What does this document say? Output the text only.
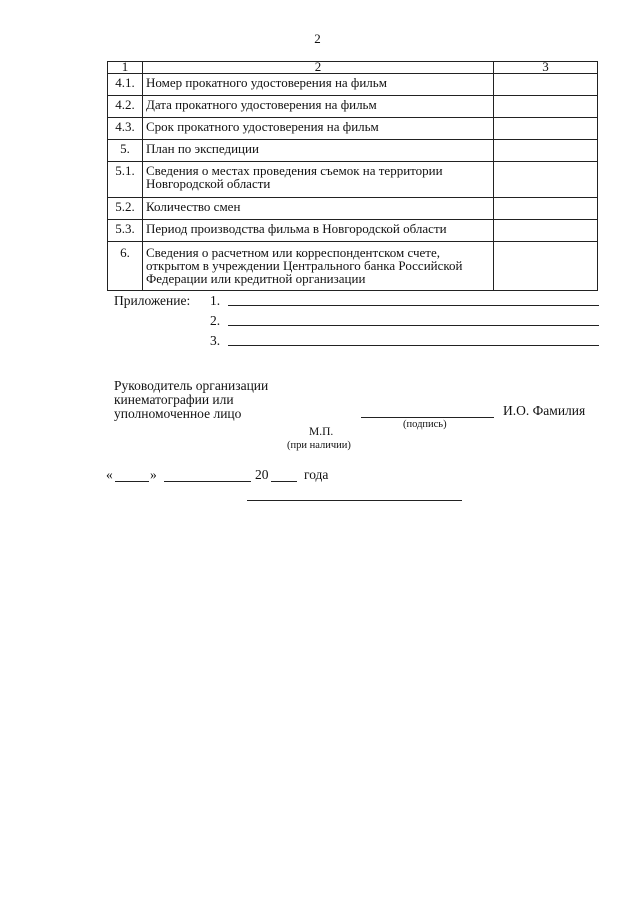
2
1	2	3
4.1.	Номер прокатного удостоверения на фильм	
4.2.	Дата прокатного удостоверения на фильм	
4.3.	Срок прокатного удостоверения на фильм	
5.	План по экспедиции	
5.1.	Сведения о местах проведения съемок на территории Новгородской области	
5.2.	Количество смен	
5.3.	Период производства фильма в Новгородской области	
6.	Сведения о расчетном или корреспондентском счете, открытом в учреждении Центрального банка Российской Федерации или кредитной организации	
Приложение: 1.
2.
3.
Руководитель организации
кинематографии или
уполномоченное лицо	И.О. Фамилия
(подпись)
М.П.
(при наличии)
«	»	20	года
